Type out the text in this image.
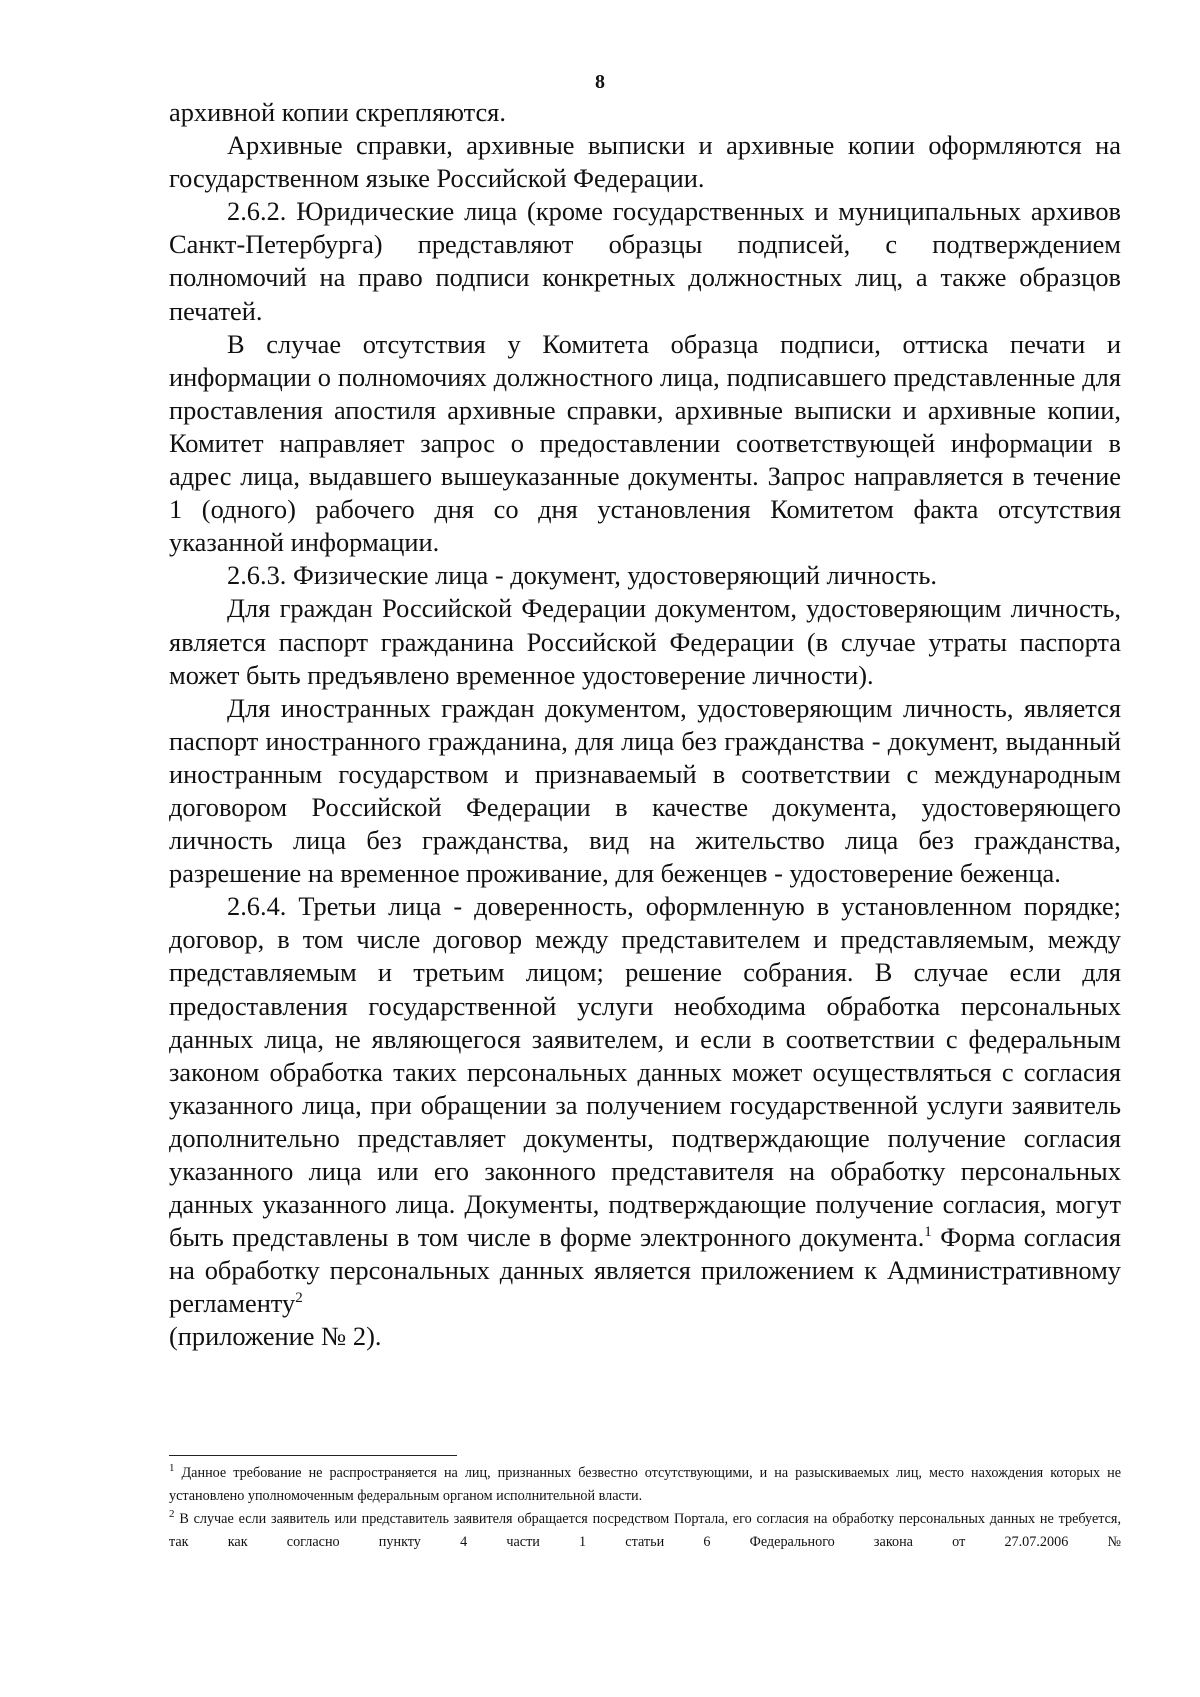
8

архивной копии скрепляются.

Архивные справки, архивные выписки и архивные копии оформляются на государственном языке Российской Федерации.

2.6.2. Юридические лица (кроме государственных и муниципальных архивов Санкт-Петербурга) представляют образцы подписей, с подтверждением полномочий на право подписи конкретных должностных лиц, а также образцов печатей.

В случае отсутствия у Комитета образца подписи, оттиска печати и информации о полномочиях должностного лица, подписавшего представленные для проставления апостиля архивные справки, архивные выписки и архивные копии, Комитет направляет запрос о предоставлении соответствующей информации в адрес лица, выдавшего вышеуказанные документы. Запрос направляется в течение 1 (одного) рабочего дня со дня установления Комитетом факта отсутствия указанной информации.

2.6.3. Физические лица - документ, удостоверяющий личность.

Для граждан Российской Федерации документом, удостоверяющим личность, является паспорт гражданина Российской Федерации (в случае утраты паспорта может быть предъявлено временное удостоверение личности).

Для иностранных граждан документом, удостоверяющим личность, является паспорт иностранного гражданина, для лица без гражданства - документ, выданный иностранным государством и признаваемый в соответствии с международным договором Российской Федерации в качестве документа, удостоверяющего личность лица без гражданства, вид на жительство лица без гражданства, разрешение на временное проживание, для беженцев - удостоверение беженца.

2.6.4. Третьи лица - доверенность, оформленную в установленном порядке; договор, в том числе договор между представителем и представляемым, между представляемым и третьим лицом; решение собрания. В случае если для предоставления государственной услуги необходима обработка персональных данных лица, не являющегося заявителем, и если в соответствии с федеральным законом обработка таких персональных данных может осуществляться с согласия указанного лица, при обращении за получением государственной услуги заявитель дополнительно представляет документы, подтверждающие получение согласия указанного лица или его законного представителя на обработку персональных данных указанного лица. Документы, подтверждающие получение согласия, могут быть представлены в том числе в форме электронного документа.$^1$ Форма согласия на обработку персональных данных является приложением к Административному регламенту$^2$

(приложение № 2).

$^1$ Данное требование не распространяется на лиц, признанных безвестно отсутствующими, и на разыскиваемых лиц, место нахождения которых не установлено уполномоченным федеральным органом исполнительной власти.

$^2$ В случае если заявитель или представитель заявителя обращается посредством Портала, его согласия на обработку персональных данных не требуется, так как согласно пункту 4 части 1 статьи 6 Федерального закона от 27.07.2006 №
